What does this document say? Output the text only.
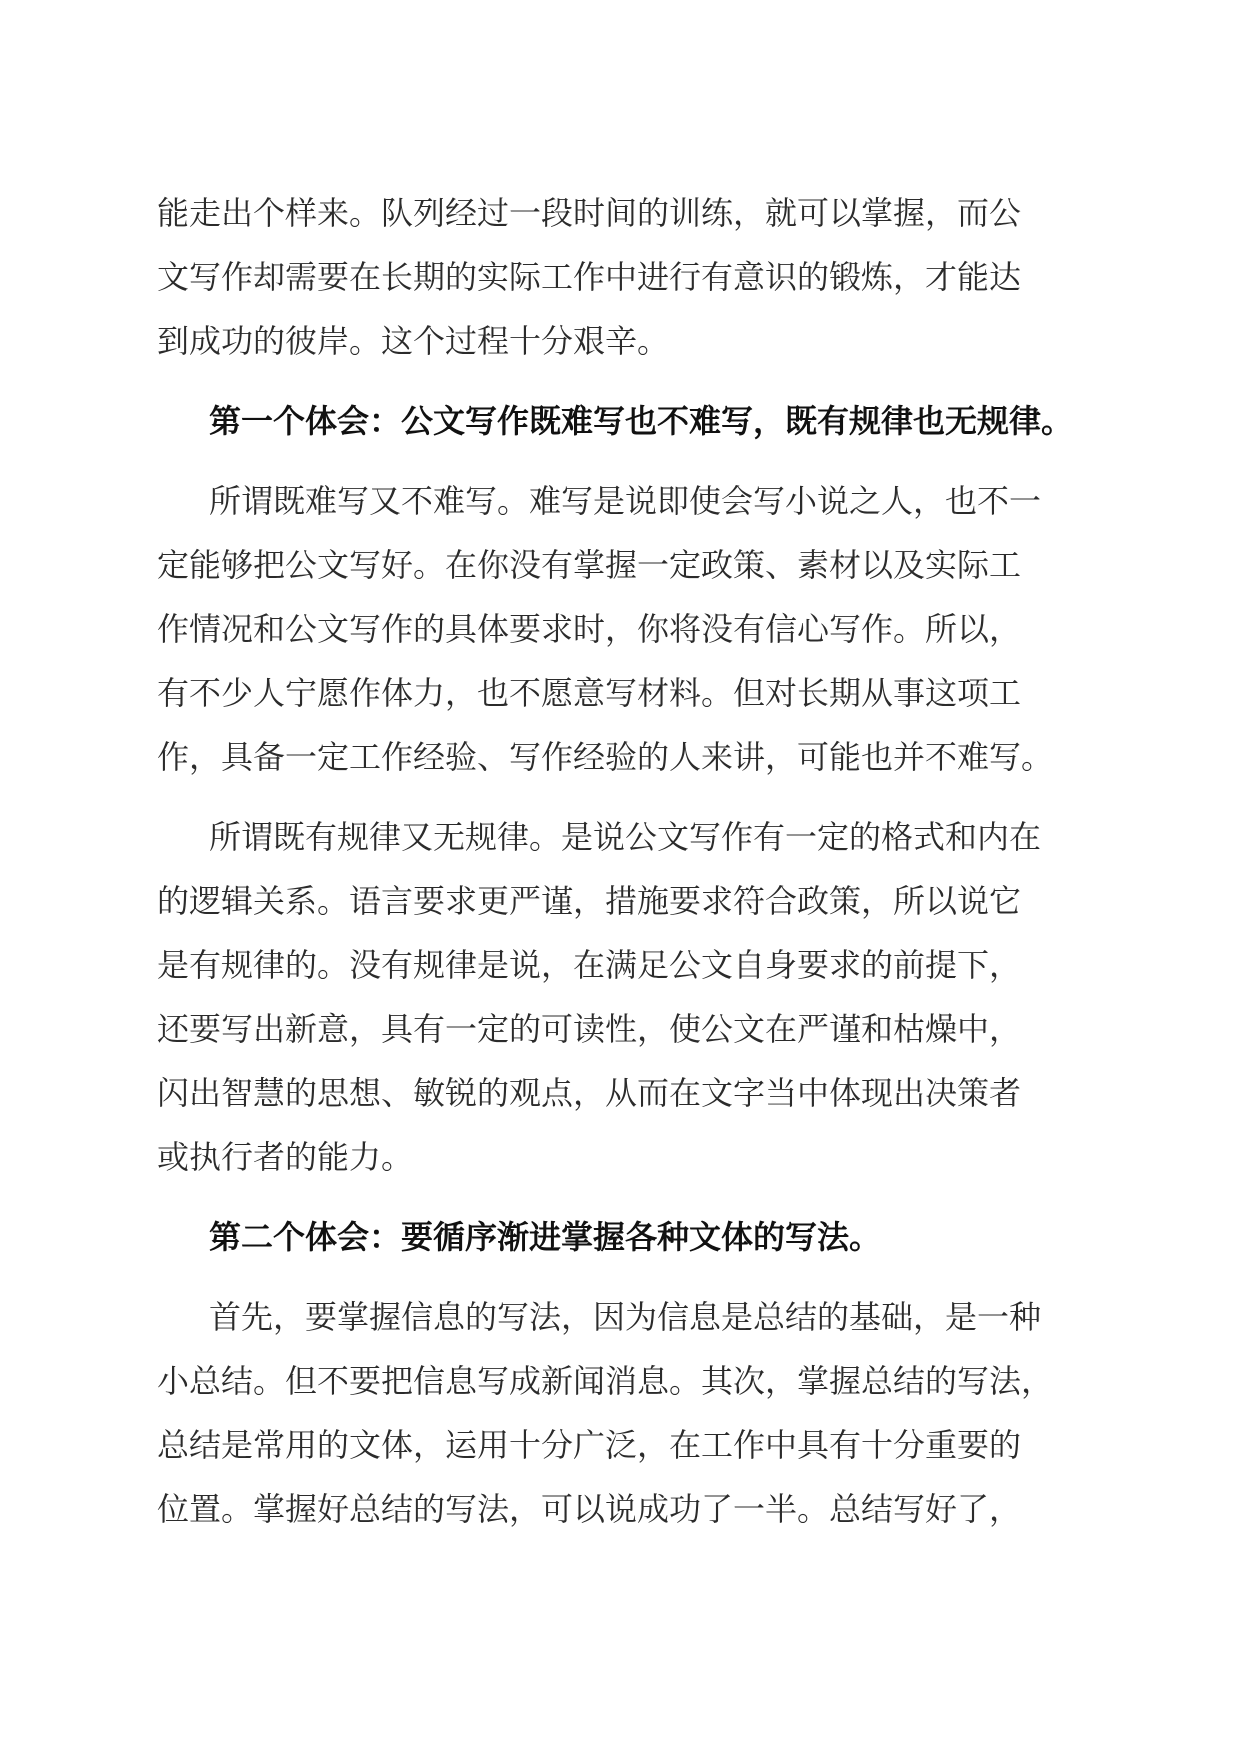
能走出个样来。队列经过一段时间的训练，就可以掌握，而公
文写作却需要在长期的实际工作中进行有意识的锻炼，才能达
到成功的彼岸。这个过程十分艰辛。
第一个体会：公文写作既难写也不难写，既有规律也无规律。
所谓既难写又不难写。难写是说即使会写小说之人，也不一
定能够把公文写好。在你没有掌握一定政策、素材以及实际工
作情况和公文写作的具体要求时，你将没有信心写作。所以，
有不少人宁愿作体力，也不愿意写材料。但对长期从事这项工
作，具备一定工作经验、写作经验的人来讲，可能也并不难写。
所谓既有规律又无规律。是说公文写作有一定的格式和内在
的逻辑关系。语言要求更严谨，措施要求符合政策，所以说它
是有规律的。没有规律是说，在满足公文自身要求的前提下，
还要写出新意，具有一定的可读性，使公文在严谨和枯燥中，
闪出智慧的思想、敏锐的观点，从而在文字当中体现出决策者
或执行者的能力。
第二个体会：要循序渐进掌握各种文体的写法。
首先，要掌握信息的写法，因为信息是总结的基础，是一种
小总结。但不要把信息写成新闻消息。其次，掌握总结的写法，
总结是常用的文体，运用十分广泛，在工作中具有十分重要的
位置。掌握好总结的写法，可以说成功了一半。总结写好了，
